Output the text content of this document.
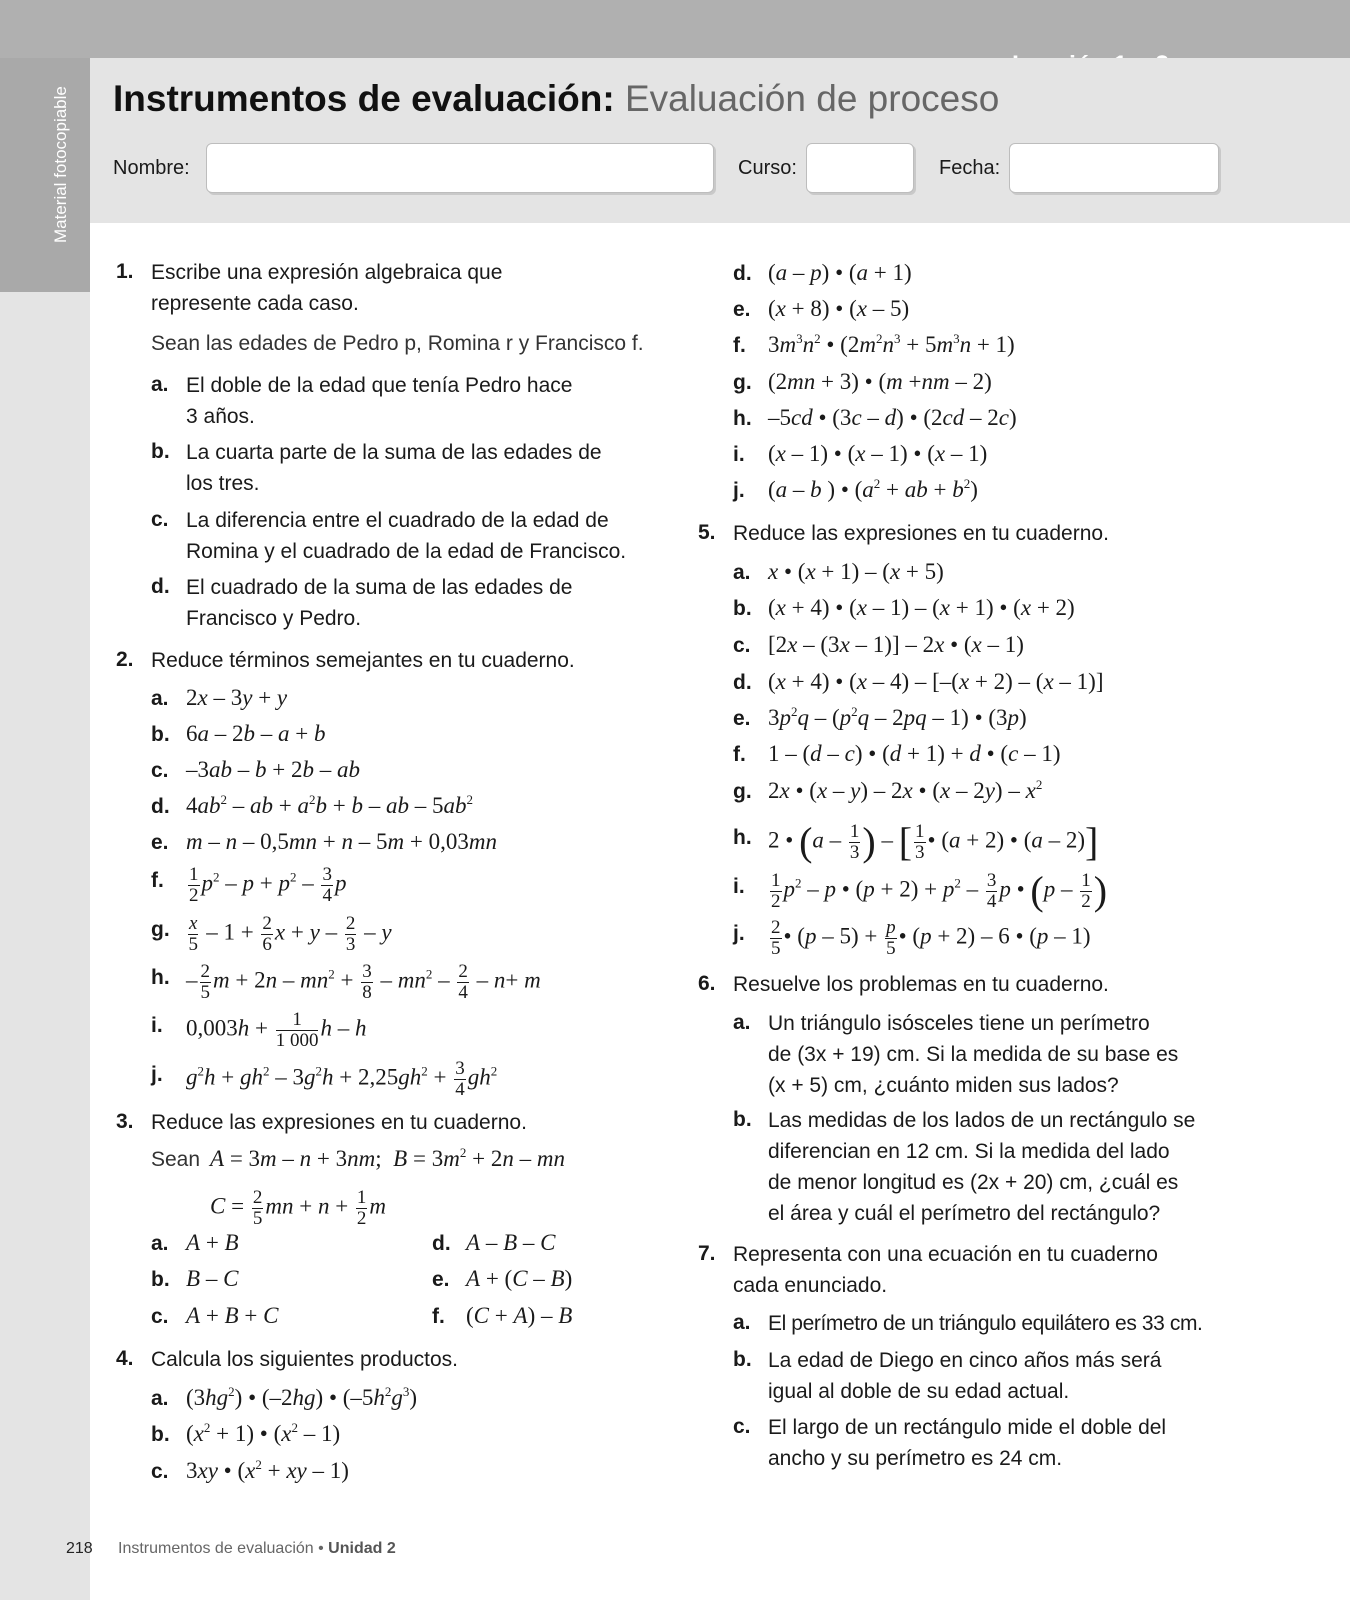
Material fotocopiable Instrumentos de evaluación: Evaluación de proceso
Nombre:	Curso:	Fecha:
1. Escribe una expresión algebraica que
represente cada caso.
Sean las edades de Pedro p, Romina r y Francisco f.
a. El doble de la edad que tenía Pedro hace
3 años.
b. La cuarta parte de la suma de las edades de
los tres.
c. La diferencia entre el cuadrado de la edad de
Romina y el cuadrado de la edad de Francisco.
d. El cuadrado de la suma de las edades de
Francisco y Pedro.
2. Reduce términos semejantes en tu cuaderno.
a. 2x – 3y + y
b. 6a – 2b – a + b
c. –3ab – b + 2b – ab
d. $4ab^2$ – ab + $a^2b + b$ – ab – $5ab^2$
e. m – n – 0,5mn + n – 5m + 0,03mn
f. $\frac{1}{2} p^2 - p + p^2 - \frac{3}{4}$ p
g. $\frac{x}{5} - 1 + \frac{2}{6}$ $x + y - \frac{2}{3} - y$
h. – $\frac{2}{5}$ $m + 2n - mn^2 + \frac{3}{8} - mn^2 - \frac{2}{4} - n+ m$
i. $0,003h + \frac{1}{1 000}$ h – h
j. $g^2h + gh^2 - 3g^2h + 2,25gh^2 + \frac{3}{4} gh^2$
3. Reduce las expresiones en tu cuaderno.
Sean A = 3m – n + 3nm;  $B = 3m^2 + 2n$ – mn
$C = \frac{2}{5}$ mn + $n + \frac{1}{2}$ m
a. A + B
b. B – C
c. A + B + C
d. A – B – C
e. A + (C – B)
f. (C + A) – B
4. Calcula los siguientes productos.
a. $(3hg^2)$ • (–2hg) • $(-5h^2g^3)$
b. $(x^2 + 1)$ • $(x^2 - 1)$
c. 3xy • ($x^2$ + xy – 1)
d. (a – p) • (a + 1)
e. (x + 8) • (x – 5)
f. $3m^3n^2$ • $(2m^2n^3 + 5m^3n + 1)$
g. (2mn + 3) • (m +nm – 2)
h. –5cd • (3c – d) • (2cd – 2c)
i. (x – 1) • (x – 1) • (x – 1)
j. (a – b ) • ($a^2$ + ab + $b^2$)
5. Reduce las expresiones en tu cuaderno.
a. x • (x + 1) – (x + 5)
b. (x + 4) • (x – 1) – (x + 1) • (x + 2)
c. [2x – (3x – 1)] – 2x • (x – 1)
d. (x + 4) • (x – 4) – [–(x + 2) – (x – 1)]
e. $3p^2q - (p^2q - 2pq - 1)$ • (3p)
f. 1 – (d – c) • (d + 1) + d • (c – 1)
g. 2x • (x – y) – 2x • $(x - 2y) - x^2$
h. 2 • ($a - \frac{1}{3}$ ) – [ $\frac{1}{3}$ • (a + 2) • (a – 2)]
i. $\frac{1}{2} p^2$ – p • $(p + 2) + p^2 - \frac{3}{4}$ p • ($p - \frac{1}{2}$ )
j. $\frac{2}{5}$ • $(p - 5) + \frac{p}{5}$ • (p + 2) – 6 • (p – 1)
6. Resuelve los problemas en tu cuaderno.
a. Un triángulo isósceles tiene un perímetro
de (3x + 19) cm. Si la medida de su base es
(x + 5) cm, ¿cuánto miden sus lados?
b. Las medidas de los lados de un rectángulo se
diferencian en 12 cm. Si la medida del lado
de menor longitud es (2x + 20) cm, ¿cuál es
el área y cuál el perímetro del rectángulo?
7. Representa con una ecuación en tu cuaderno
cada enunciado.
a. El perímetro de un triángulo equilátero es 33 cm.
b. La edad de Diego en cinco años más será
igual al doble de su edad actual.
c. El largo de un rectángulo mide el doble del
ancho y su perímetro es 24 cm.
218 Instrumentos de evaluación • Unidad 2
